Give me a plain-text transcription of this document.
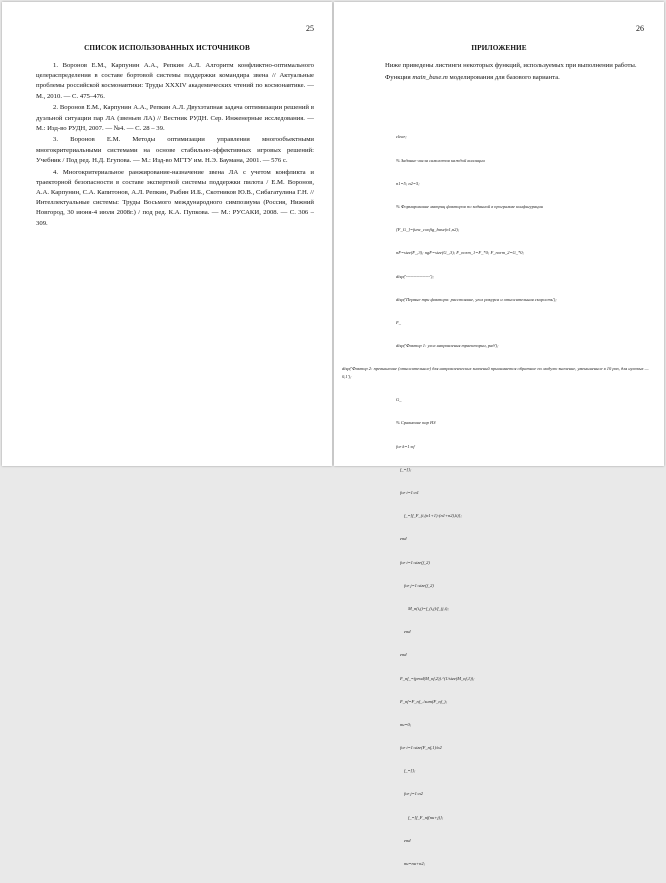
25
СПИСОК ИСПОЛЬЗОВАННЫХ ИСТОЧНИКОВ

1. Воронов Е.М., Карпунин А.А., Репкин А.Л. Алгоритм конфликтно-оптимального целераспределения в составе бортовой системы поддержки командира звена // Актуальные проблемы российской космонавтики: Труды XXXIV академических чтений по космонавтике. — М., 2010. — С. 475–476.

2. Воронов Е.М., Карпунин А.А., Репкин А.Л. Двухэтапная задача оптимизации решений в дуэльной ситуации пар ЛА (звеньев ЛА) // Вестник РУДН. Сер. Инженерные исследования. — М.: Изд-во РУДН, 2007. — №4. — С. 28 – 39.

3. Воронов Е.М. Методы оптимизации управления многообъектными многокритериальными системами на основе стабильно-эффективных игровых решений: Учебник / Под ред. Н.Д. Егупова. — М.: Изд-во МГТУ им. Н.Э. Баумана, 2001. — 576 с.

4. Многокритериальное ранжирование-назначение звена ЛА с учетом конфликта и траекторной безопасности в составе экспертной системы поддержки пилота / Е.М. Воронов, А.А. Карпунин, С.А. Капитонов, А.Л. Репкин, Рыбин И.Б., Скотников Ю.В., Сибагатулина Г.Н. // Интеллектуальные системы: Труды Восьмого международного симпозиума (Россия, Нижний Новгород, 30 июня-4 июля 2008г.) / под ред. К.А. Пупкова. — М.: РУСАКИ, 2008. — С. 306 – 309.

26
ПРИЛОЖЕНИЕ

Ниже приведены листинги некоторых функций, используемых при выполнении работы.

Функция main_base.m моделирования для базового варианта.

clear;

% Задание числа самолетов каждой коалиции

n1=5; n2=5;

% Формирование матриц факторов по заданной в программе конфигурации

[F_G_]=func_config_base(n1,n2);

nF=size(F_,3); ngF=size(G_,3); F_norm_1=F_*0; F_norm_2=G_*0;

disp('----------------');

disp('Первые три фактора: расстояние, угол ракурса и относительная скорость');

F_

disp('Фактор 1: угол направления траектории, рад');

disp('Фактор 2: превышение (относительное) для направленческих значений принимается обратное по модулю значение, уменьшенное в 10 раз, для нулевых — 0,1');

G_

% Сравнение пар НЗ

for k=1:nf

f_=[];

for i=1:n1

f_=[f_F_(i,(n1+1):(n1+n2),k)];

end

for i=1:size(f_2)

for j=1:size(f_2)

M_n(i,j)=f_(i,j)/f_(j,i);

end

end

F_nf_=(prod(M_nf,2)).^(1/size(M_nf,1));

F_nf=F_nf_./sum(F_nf_);

nu=0;

for i=1:size(F_nf,1)/n2

f_=[];

for j=1:n2

f_=[f_F_nf(nu+j)];

end

nu=nu+n2;
